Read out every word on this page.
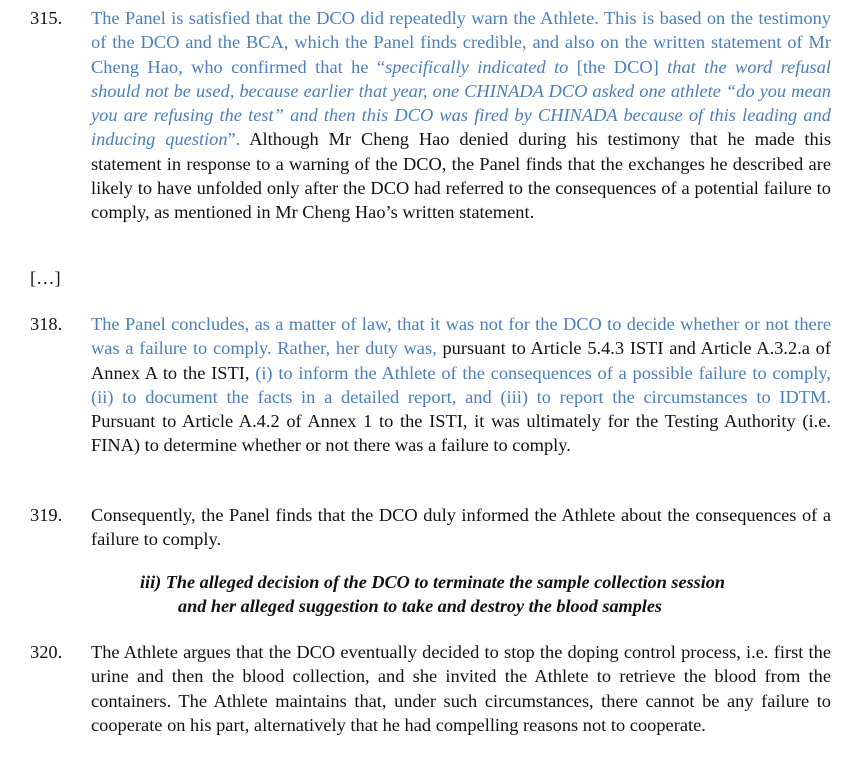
315. The Panel is satisfied that the DCO did repeatedly warn the Athlete. This is based on the testimony of the DCO and the BCA, which the Panel finds credible, and also on the written statement of Mr Cheng Hao, who confirmed that he “specifically indicated to [the DCO] that the word refusal should not be used, because earlier that year, one CHINADA DCO asked one athlete “do you mean you are refusing the test” and then this DCO was fired by CHINADA because of this leading and inducing question”. Although Mr Cheng Hao denied during his testimony that he made this statement in response to a warning of the DCO, the Panel finds that the exchanges he described are likely to have unfolded only after the DCO had referred to the consequences of a potential failure to comply, as mentioned in Mr Cheng Hao’s written statement.
[…]
318. The Panel concludes, as a matter of law, that it was not for the DCO to decide whether or not there was a failure to comply. Rather, her duty was, pursuant to Article 5.4.3 ISTI and Article A.3.2.a of Annex A to the ISTI, (i) to inform the Athlete of the consequences of a possible failure to comply, (ii) to document the facts in a detailed report, and (iii) to report the circumstances to IDTM. Pursuant to Article A.4.2 of Annex 1 to the ISTI, it was ultimately for the Testing Authority (i.e. FINA) to determine whether or not there was a failure to comply.
319. Consequently, the Panel finds that the DCO duly informed the Athlete about the consequences of a failure to comply.
iii) The alleged decision of the DCO to terminate the sample collection session
and her alleged suggestion to take and destroy the blood samples
320. The Athlete argues that the DCO eventually decided to stop the doping control process, i.e. first the urine and then the blood collection, and she invited the Athlete to retrieve the blood from the containers. The Athlete maintains that, under such circumstances, there cannot be any failure to cooperate on his part, alternatively that he had compelling reasons not to cooperate.
